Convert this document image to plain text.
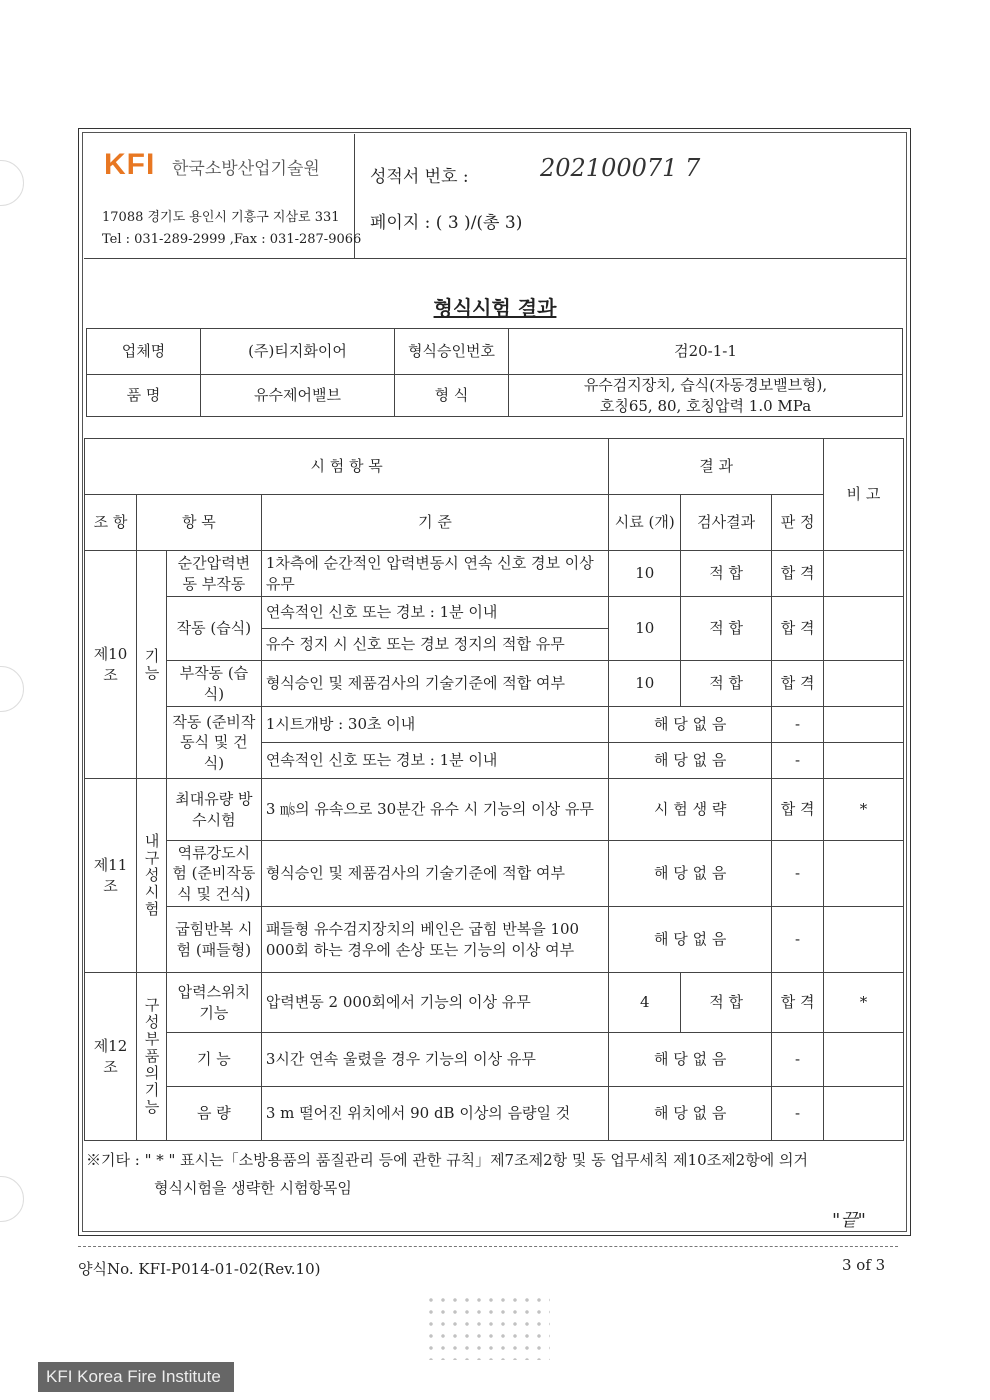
KFI 한국소방산업기술원
17088 경기도 용인시 기흥구 지삼로 331
Tel : 031-289-2999 ,Fax : 031-287-9066
성적서 번호 :	202100071 7
페이지 : ( 3 )/(총 3)
형식시험 결과
업체명	(주)티지화이어	형식승인번호	검20-1-1
품 명	유수제어밸브	형 식	유수검지장치, 습식(자동경보밸브형),
호칭65, 80, 호칭압력 1.0 MPa
시 험 항 목				결 과			비 고
조 항	항 목		기 준	시료 (개)	검사결과	판 정	
제10조	기능	순간압력변동 부작동	1차측에 순간적인 압력변동시 연속 신호 경보 이상 유무	10	적 합	합 격	
		작동 (습식)	연속적인 신호 또는 경보 : 1분 이내	10	적 합	합 격	
			유수 정지 시 신호 또는 경보 정지의 적합 유무				
		부작동 (습식)	형식승인 및 제품검사의 기술기준에 적합 여부	10	적 합	합 격	
		작동 (준비작동식 및 건식)	1시트개방 : 30초 이내	해 당 없 음		-	
			연속적인 신호 또는 경보 : 1분 이내	해 당 없 음		-	
제11조	내구성시험	최대유량 방수시험	3 ㎧의 유속으로 30분간 유수 시 기능의 이상 유무	시 험 생 략		합 격	*
		역류강도시험 (준비작동식 및 건식)	형식승인 및 제품검사의 기술기준에 적합 여부	해 당 없 음		-	
		굽힘반복 시험 (패들형)	패들형 유수검지장치의 베인은 굽힘 반복을 100 000회 하는 경우에 손상 또는 기능의 이상 여부	해 당 없 음		-	
제12조	구성부품의기능	압력스위치 기능	압력변동 2 000회에서 기능의 이상 유무	4	적 합	합 격	*
		기 능	3시간 연속 울렸을 경우 기능의 이상 유무	해 당 없 음		-	
		음 량	3 m 떨어진 위치에서 90 dB 이상의 음량일 것	해 당 없 음		-	
※기타 : " * " 표시는「소방용품의 품질관리 등에 관한 규칙」제7조제2항 및 동 업무세칙 제10조제2항에 의거
형식시험을 생략한 시험항목임
"끝"
양식No. KFI-P014-01-02(Rev.10)	3 of 3
KFI Korea Fire Institute
